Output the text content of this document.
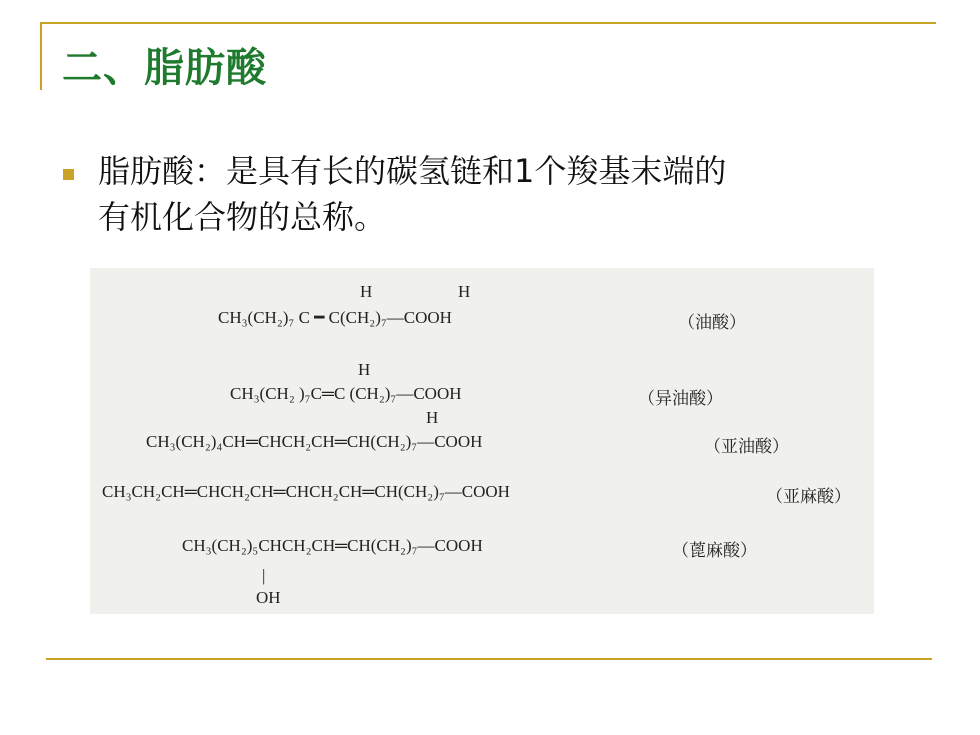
二、脂肪酸
脂肪酸：是具有长的碳氢链和1个羧基末端的
有机化合物的总称。
H	H
CH₃(CH₂)₇ C ━ C(CH₂)₇—COOH	（油酸）
H
CH₃(CH₂ )₇C═C (CH₂)₇—COOH	（异油酸）
H
CH₃(CH₂)₄CH═CHCH₂CH═CH(CH₂)₇—COOH	（亚油酸）
CH₃CH₂CH═CHCH₂CH═CHCH₂CH═CH(CH₂)₇—COOH	（亚麻酸）
CH₃(CH₂)₅CHCH₂CH═CH(CH₂)₇—COOH	（蓖麻酸）
|
OH
